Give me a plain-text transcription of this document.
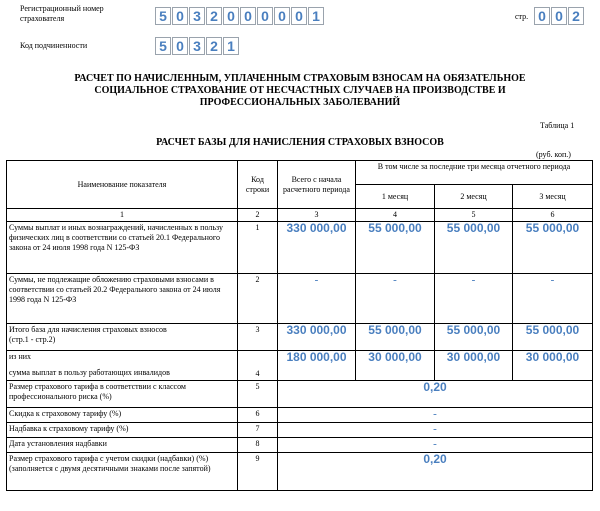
Регистрационный номер страхователя	5 0 3 2 0 0 0 0 0 1	стр. 0 0 2
Код подчиненности	5 0 3 2 1
РАСЧЕТ ПО НАЧИСЛЕННЫМ, УПЛАЧЕННЫМ СТРАХОВЫМ ВЗНОСАМ НА ОБЯЗАТЕЛЬНОЕ СОЦИАЛЬНОЕ СТРАХОВАНИЕ ОТ НЕСЧАСТНЫХ СЛУЧАЕВ НА ПРОИЗВОДСТВЕ И ПРОФЕССИОНАЛЬНЫХ ЗАБОЛЕВАНИЙ
Таблица 1
РАСЧЕТ БАЗЫ ДЛЯ НАЧИСЛЕНИЯ СТРАХОВЫХ ВЗНОСОВ
(руб. коп.)
Наименование показателя	Код строки	Всего с начала расчетного периода	В том числе за последние три месяца отчетного периода		
			1 месяц	2 месяц	3 месяц
1	2	3	4	5	6
Суммы выплат и иных вознаграждений, начисленных в пользу физических лиц в соответствии со статьей 20.1 Федерального закона от 24 июля 1998 года N 125-ФЗ	1	330 000,00	55 000,00	55 000,00	55 000,00
Суммы, не подлежащие обложению страховыми взносами в соответствии со статьей 20.2 Федерального закона от 24 июля 1998 года N 125-ФЗ	2	-	-	-	-

Итого база для начисления страховых взносов
(стр.1 - стр.2)	3	330 000,00	55 000,00	55 000,00	55 000,00

из них
сумма выплат в пользу работающих инвалидов	4	180 000,00	30 000,00	30 000,00	30 000,00
Размер страхового тарифа в соответствии с классом профессионального риска (%)	5	0,20			
Скидка к страховому тарифу (%)	6	-			
Надбавка к страховому тарифу (%)	7	-			
Дата установления надбавки	8	-			
Размер страхового тарифа с учетом скидки (надбавки) (%) (заполняется с двумя десятичными знаками после запятой)	9	0,20			
